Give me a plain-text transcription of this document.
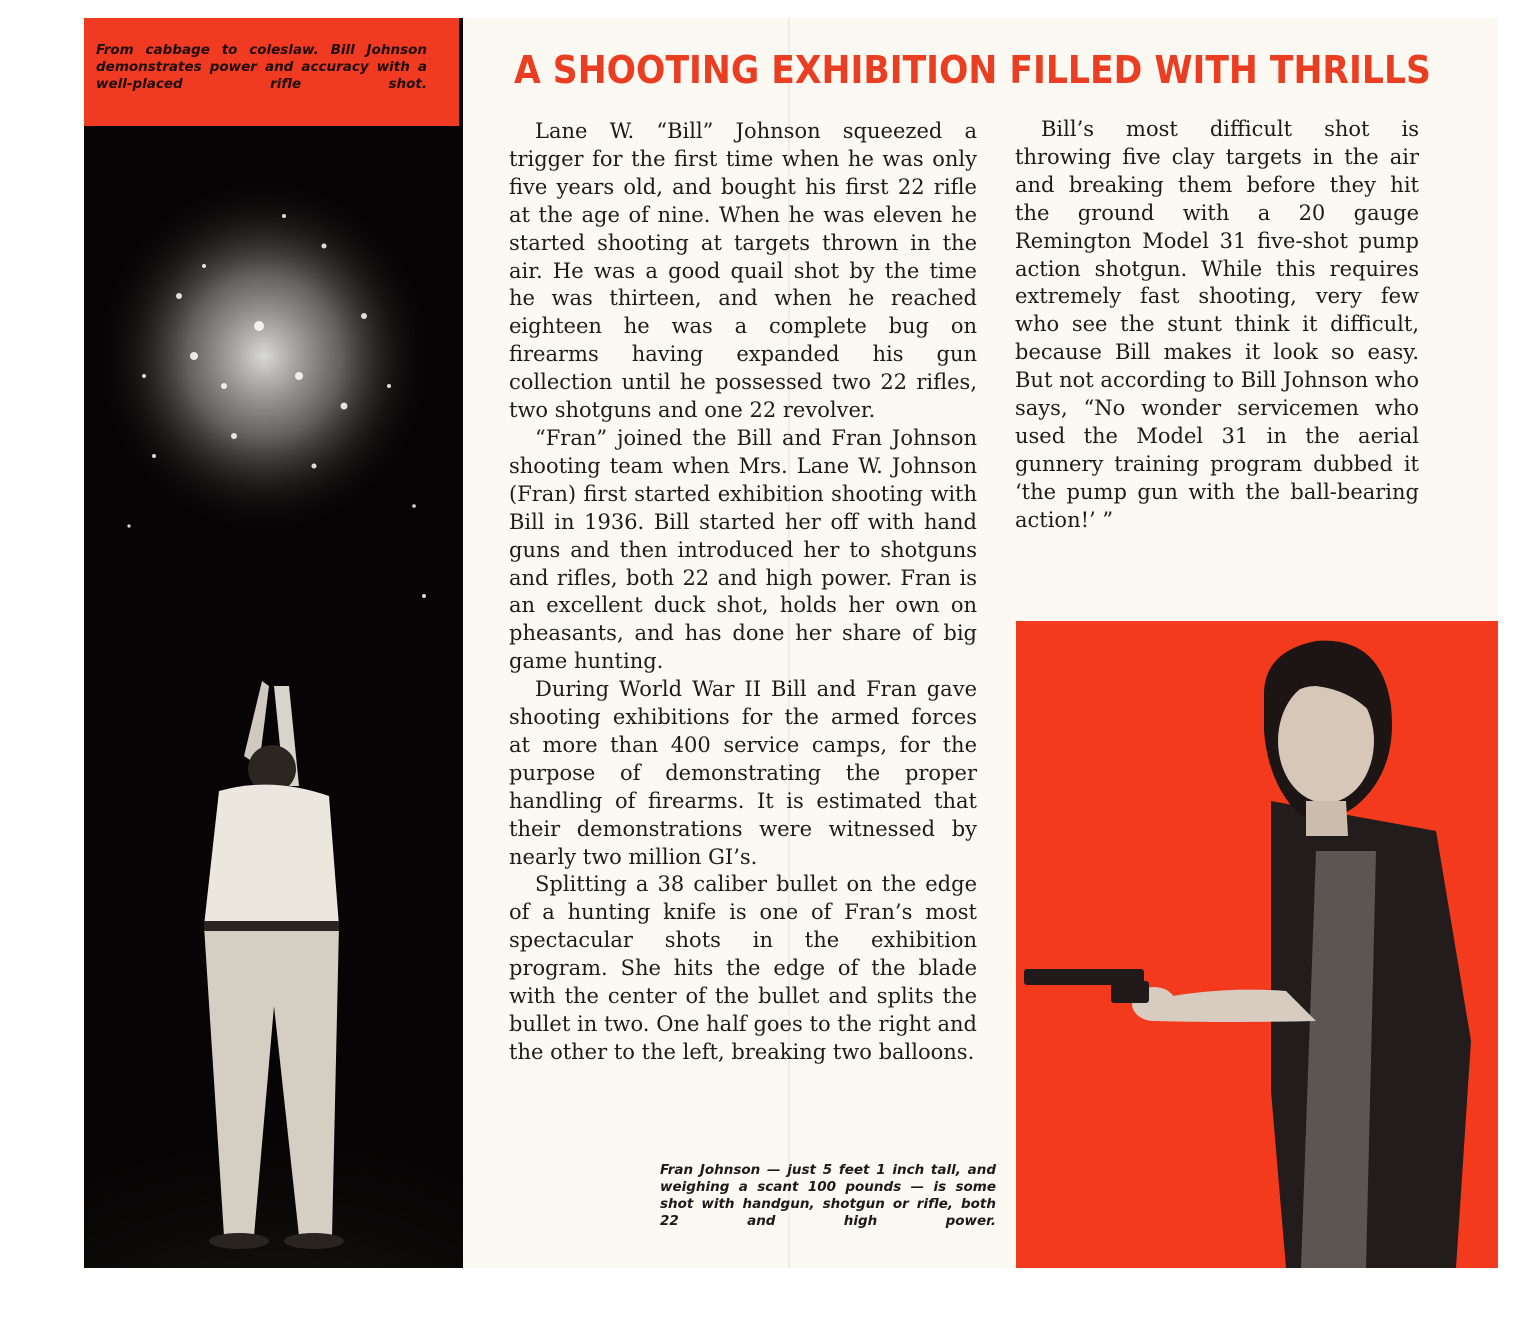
From cabbage to coleslaw. Bill Johnson demonstrates power and accuracy with a well-placed rifle shot. A SHOOTING EXHIBITION FILLED WITH THRILLS

Lane W. “Bill” Johnson squeezed a trigger for the first time when he was only five years old, and bought his first 22 rifle at the age of nine. When he was eleven he started shooting at targets thrown in the air. He was a good quail shot by the time he was thirteen, and when he reached eighteen he was a complete bug on firearms having expanded his gun collection until he possessed two 22 rifles, two shotguns and one 22 revolver.

“Fran” joined the Bill and Fran Johnson shooting team when Mrs. Lane W. Johnson (Fran) first started exhibition shooting with Bill in 1936. Bill started her off with hand guns and then introduced her to shotguns and rifles, both 22 and high power. Fran is an excellent duck shot, holds her own on pheasants, and has done her share of big game hunting.

During World War II Bill and Fran gave shooting exhibitions for the armed forces at more than 400 service camps, for the purpose of demonstrating the proper handling of firearms. It is estimated that their demonstrations were witnessed by nearly two million GI’s.

Splitting a 38 caliber bullet on the edge of a hunting knife is one of Fran’s most spectacular shots in the exhibition program. She hits the edge of the blade with the center of the bullet and splits the bullet in two. One half goes to the right and the other to the left, breaking two balloons.

Bill’s most difficult shot is throwing five clay targets in the air and breaking them before they hit the ground with a 20 gauge Remington Model 31 five-shot pump action shotgun. While this requires extremely fast shooting, very few who see the stunt think it difficult, because Bill makes it look so easy. But not according to Bill Johnson who says, “No wonder servicemen who used the Model 31 in the aerial gunnery training program dubbed it ‘the pump gun with the ball-bearing action!’ ”

Fran Johnson — just 5 feet 1 inch tall, and weighing a scant 100 pounds — is some shot with handgun, shotgun or rifle, both 22 and high power.
